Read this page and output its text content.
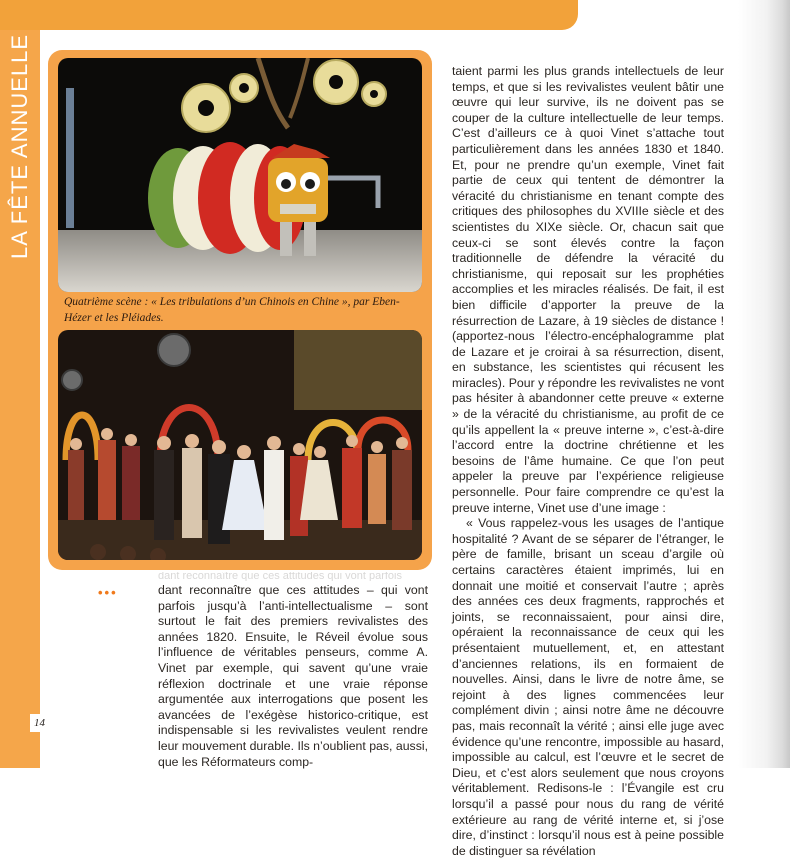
LA FÊTE ANNUELLE
Quatrième scène : « Les tribulations d’un Chinois en Chine », par Eben-Hézer et les Pléiades.
dant reconnaître que ces attitudes qui vont parfois
•••

taient parmi les plus grands intellectuels de leur temps, et que si les revivalistes veulent bâtir une œuvre qui leur survive, ils ne doivent pas se couper de la culture intellectuelle de leur temps. C’est d’ailleurs ce à quoi Vinet s’attache tout particulièrement dans les années 1830 et 1840. Et, pour ne prendre qu’un exemple, Vinet fait partie de ceux qui tentent de démontrer la véracité du christianisme en tenant compte des critiques des philosophes du XVIIIe siècle et des scientistes du XIXe siècle. Or, chacun sait que ceux-ci se sont élevés contre la façon traditionnelle de défendre la véracité du christianisme, qui reposait sur les prophéties accomplies et les miracles réalisés. De fait, il est bien difficile d’apporter la preuve de la résurrection de Lazare, à 19 siècles de distance ! (apportez-nous l’électro-encéphalogramme plat de Lazare et je croirai à sa résurrection, disent, en substance, les scientistes qui récusent les miracles). Pour y répondre les revivalistes ne vont pas hésiter à abandonner cette preuve « externe » de la véracité du christianisme, au profit de ce qu’ils appellent la « preuve interne », c’est-à-dire l’accord entre la doctrine chrétienne et les besoins de l’âme humaine. Ce que l’on peut appeler la preuve par l’expérience religieuse personnelle. Pour faire comprendre ce qu’est la preuve interne, Vinet use d’une image :

« Vous rappelez-vous les usages de l’antique hospitalité ? Avant de se séparer de l’étranger, le père de famille, brisant un sceau d’argile où certains caractères étaient imprimés, lui en donnait une moitié et conservait l’autre ; après des années ces deux fragments, rapprochés et joints, se reconnaissaient, pour ainsi dire, opéraient la reconnaissance de ceux qui les présentaient mutuellement, et, en attestant d’anciennes relations, ils en formaient de nouvelles. Ainsi, dans le livre de notre âme, se rejoint à des lignes commencées leur complément divin ; ainsi notre âme ne découvre pas, mais reconnaît la vérité ; ainsi elle juge avec évidence qu’une rencontre, impossible au hasard, impossible au calcul, est l’œuvre et le secret de Dieu, et c’est alors seulement que nous croyons véritablement. Redisons-le : l’Évangile est cru lorsqu’il a passé pour nous du rang de vérité extérieure au rang de vérité interne et, si j’ose dire, d’instinct : lorsqu’il nous est à peine possible de distinguer sa révélation

dant reconnaître que ces attitudes – qui vont parfois jusqu’à l’anti-intellectualisme – sont surtout le fait des premiers revivalistes des années 1820. Ensuite, le Réveil évolue sous l’influence de véritables penseurs, comme A. Vinet par exemple, qui savent qu’une vraie réflexion doctrinale et une vraie réponse argumentée aux interrogations que posent les avancées de l’exégèse historico-critique, est indispensable si les revivalistes veulent rendre leur mouvement durable. Ils n’oublient pas, aussi, que les Réformateurs comp-

14
